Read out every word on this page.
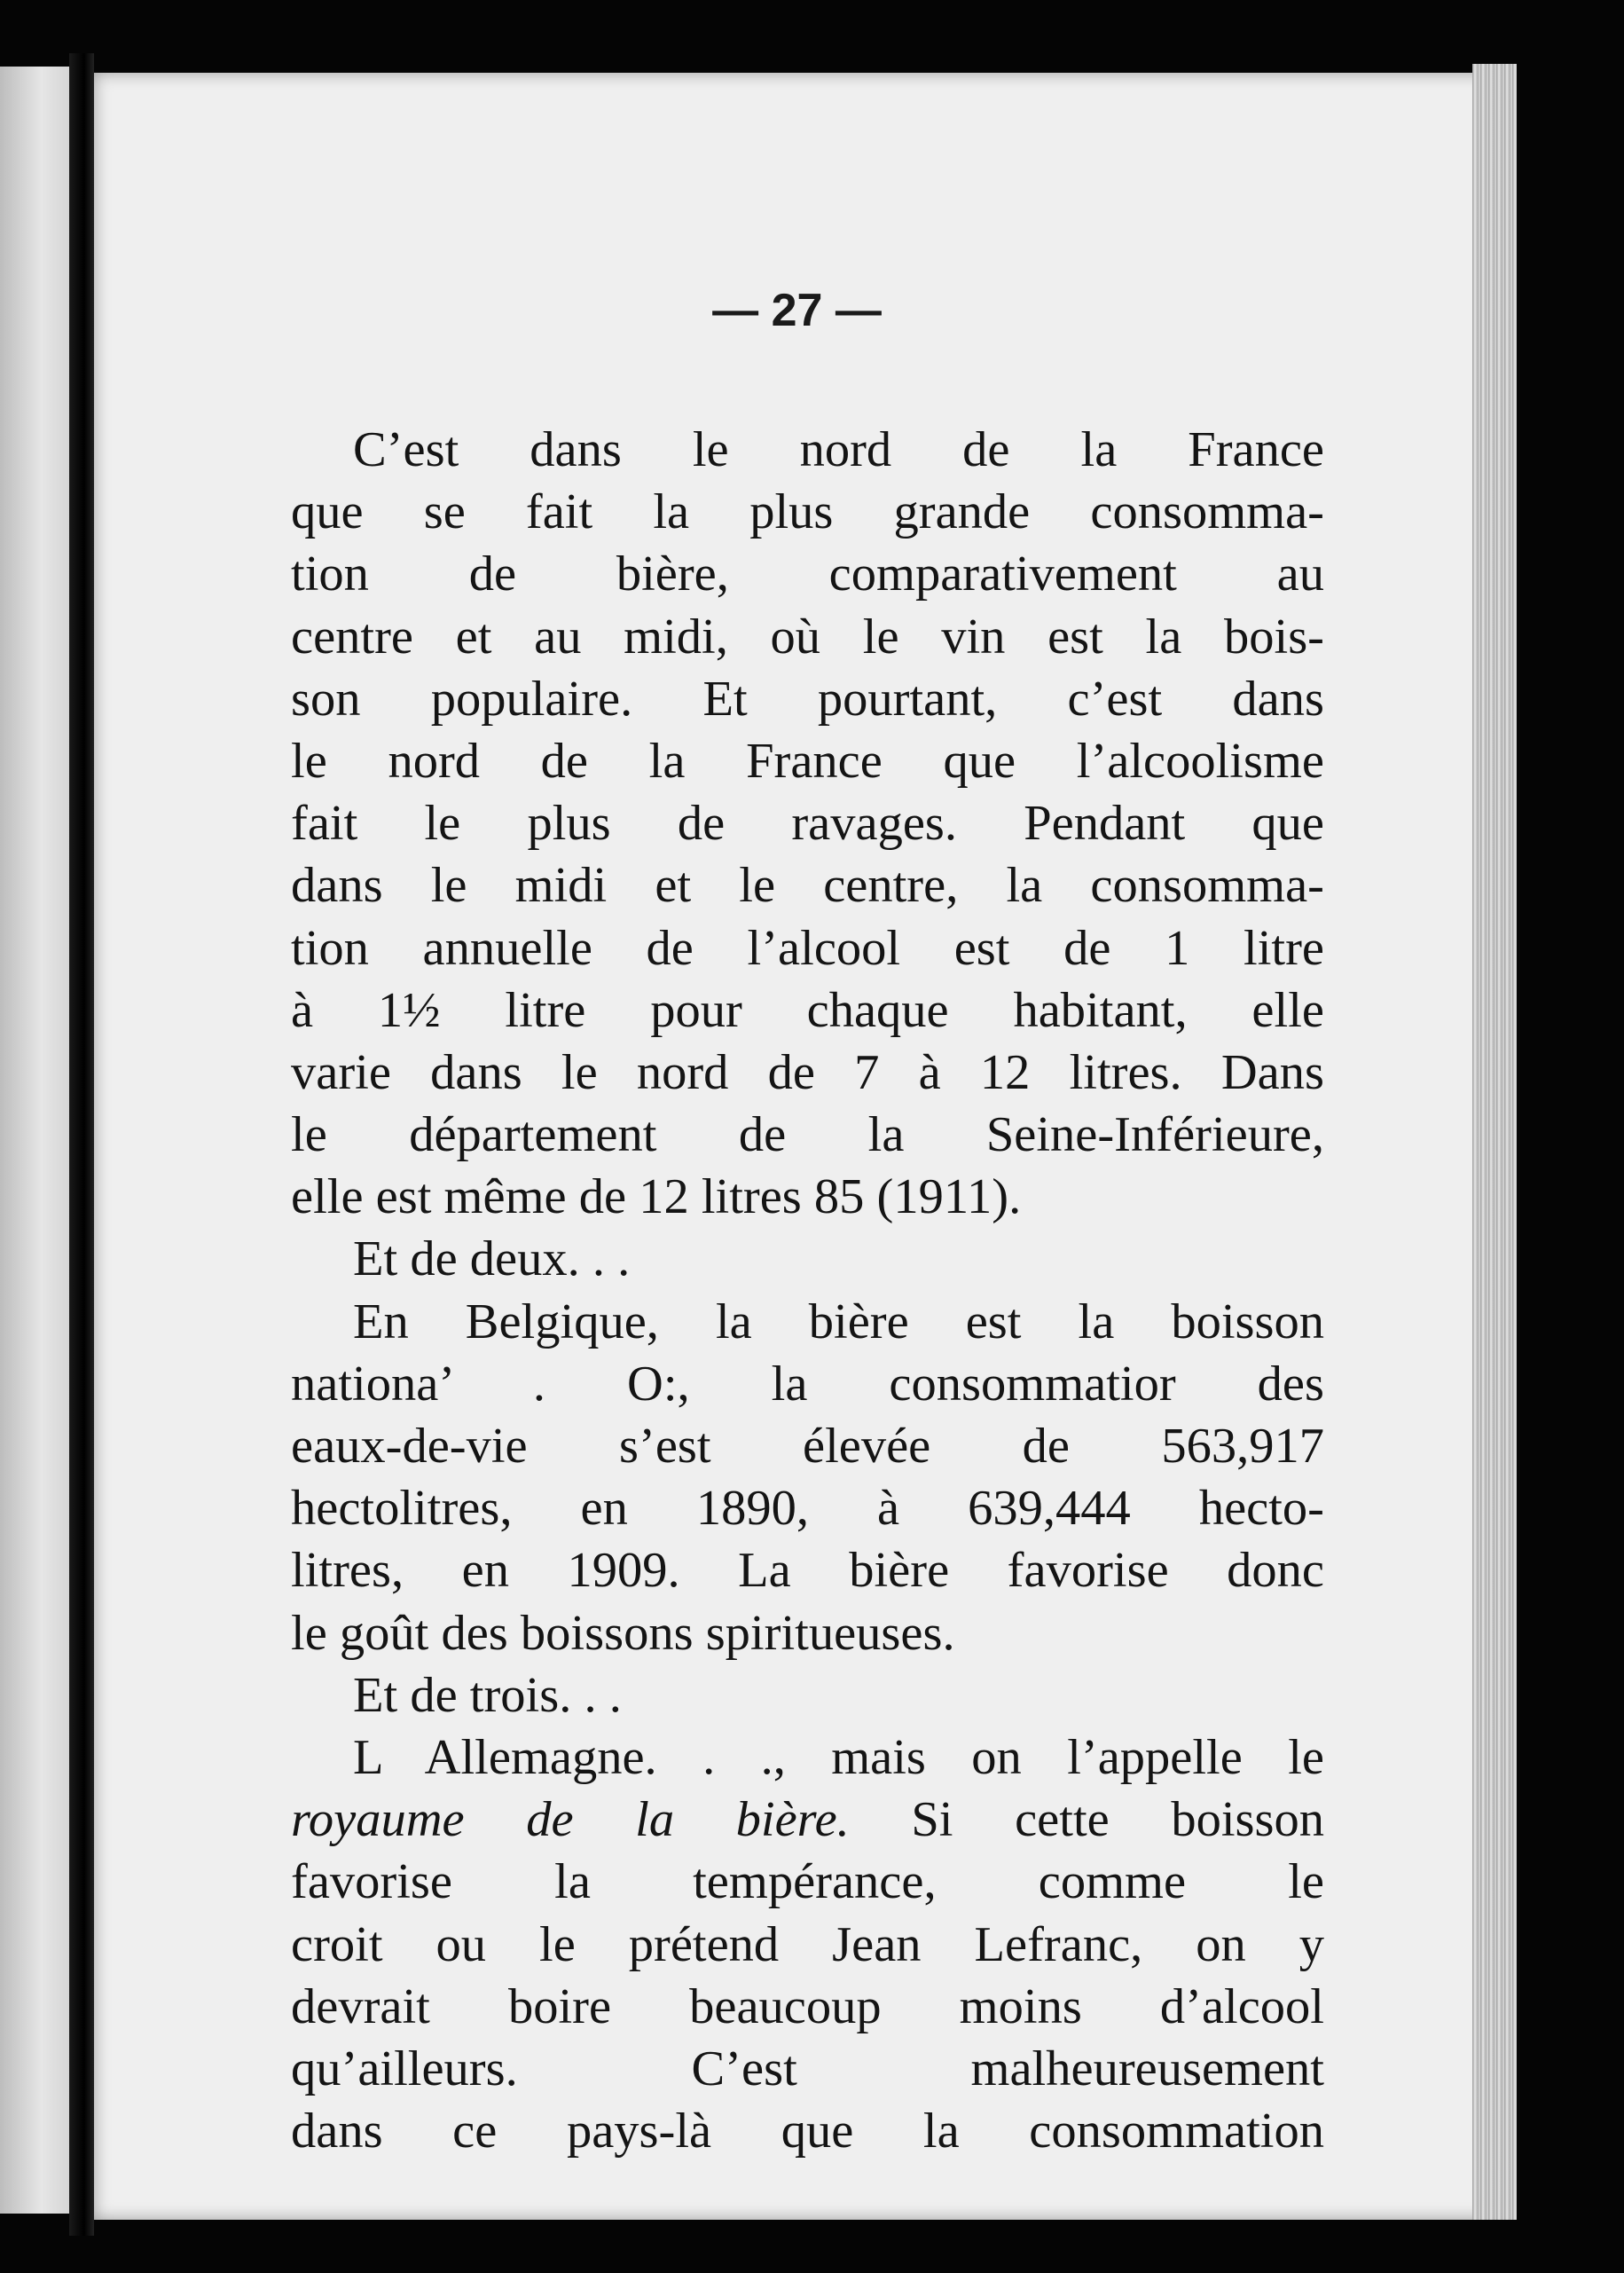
— 27 —
C’est dans le nord de la France
que se fait la plus grande consomma-
tion de bière, comparativement au
centre et au midi, où le vin est la bois-
son populaire. Et pourtant, c’est dans
le nord de la France que l’alcoolisme
fait le plus de ravages. Pendant que
dans le midi et le centre, la consomma-
tion annuelle de l’alcool est de 1 litre
à 1½ litre pour chaque habitant, elle
varie dans le nord de 7 à 12 litres. Dans
le département de la Seine-Inférieure,
elle est même de 12 litres 85 (1911).
Et de deux. . .
En Belgique, la bière est la boisson
nationa’ . O:, la consommatior des
eaux-de-vie s’est élevée de 563,917
hectolitres, en 1890, à 639,444 hecto-
litres, en 1909. La bière favorise donc
le goût des boissons spiritueuses.
Et de trois. . .
L Allemagne. . ., mais on l’appelle le
royaume de la bière. Si cette boisson
favorise la tempérance, comme le
croit ou le prétend Jean Lefranc, on y
devrait boire beaucoup moins d’alcool
qu’ailleurs. C’est malheureusement
dans ce pays-là que la consommation
